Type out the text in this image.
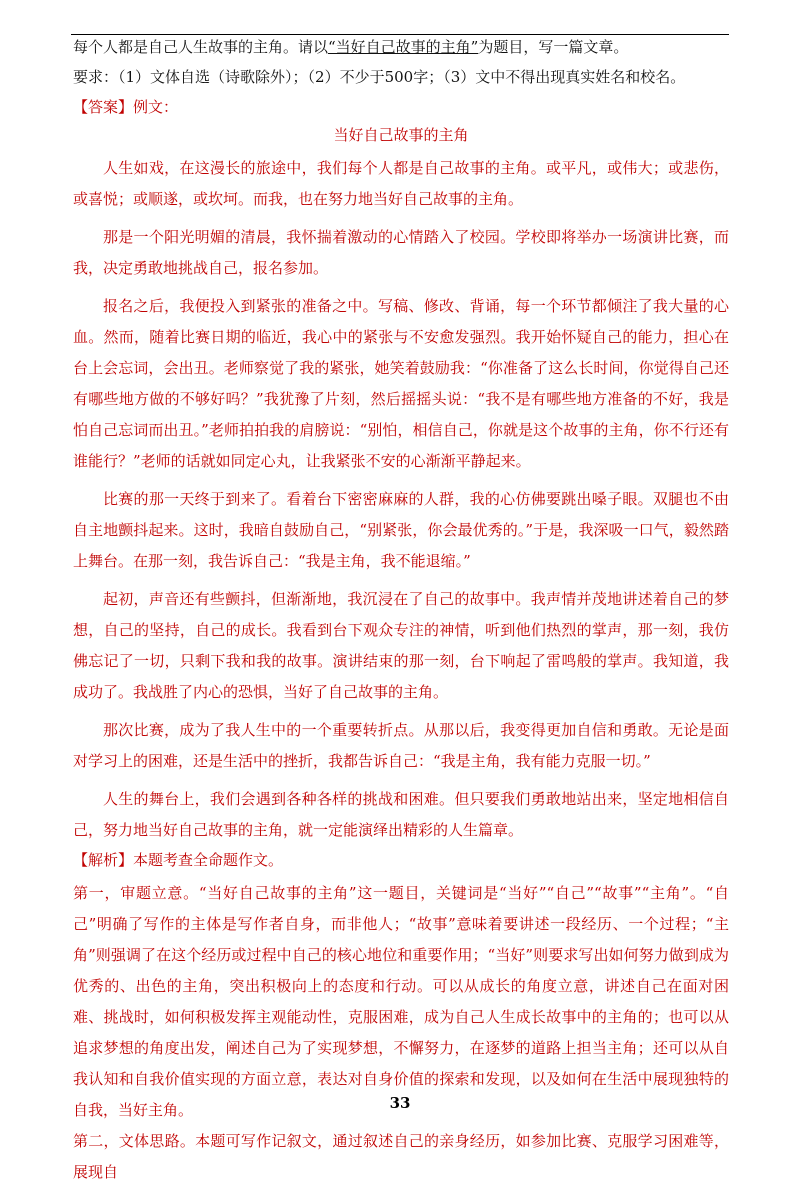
每个人都是自己人生故事的主角。请以“当好自己故事的主角”为题目，写一篇文章。
要求：（1）文体自选（诗歌除外）；（2）不少于500字；（3）文中不得出现真实姓名和校名。
【答案】例文：
当好自己故事的主角
人生如戏，在这漫长的旅途中，我们每个人都是自己故事的主角。或平凡，或伟大；或悲伤，或喜悦；或顺遂，或坎坷。而我，也在努力地当好自己故事的主角。
那是一个阳光明媚的清晨，我怀揣着激动的心情踏入了校园。学校即将举办一场演讲比赛，而我，决定勇敢地挑战自己，报名参加。
报名之后，我便投入到紧张的准备之中。写稿、修改、背诵，每一个环节都倾注了我大量的心血。然而，随着比赛日期的临近，我心中的紧张与不安愈发强烈。我开始怀疑自己的能力，担心在台上会忘词，会出丑。老师察觉了我的紧张，她笑着鼓励我：“你准备了这么长时间，你觉得自己还有哪些地方做的不够好吗？”我犹豫了片刻，然后摇摇头说：“我不是有哪些地方准备的不好，我是怕自己忘词而出丑。”老师拍拍我的肩膀说：“别怕，相信自己，你就是这个故事的主角，你不行还有谁能行？”老师的话就如同定心丸，让我紧张不安的心渐渐平静起来。
比赛的那一天终于到来了。看着台下密密麻麻的人群，我的心仿佛要跳出嗓子眼。双腿也不由自主地颤抖起来。这时，我暗自鼓励自己，“别紧张，你会最优秀的。”于是，我深吸一口气，毅然踏上舞台。在那一刻，我告诉自己：“我是主角，我不能退缩。”
起初，声音还有些颤抖，但渐渐地，我沉浸在了自己的故事中。我声情并茂地讲述着自己的梦想，自己的坚持，自己的成长。我看到台下观众专注的神情，听到他们热烈的掌声，那一刻，我仿佛忘记了一切，只剩下我和我的故事。演讲结束的那一刻，台下响起了雷鸣般的掌声。我知道，我成功了。我战胜了内心的恐惧，当好了自己故事的主角。
那次比赛，成为了我人生中的一个重要转折点。从那以后，我变得更加自信和勇敢。无论是面对学习上的困难，还是生活中的挫折，我都告诉自己：“我是主角，我有能力克服一切。”
人生的舞台上，我们会遇到各种各样的挑战和困难。但只要我们勇敢地站出来，坚定地相信自己，努力地当好自己故事的主角，就一定能演绎出精彩的人生篇章。
【解析】本题考查全命题作文。
第一，审题立意。“当好自己故事的主角”这一题目，关键词是“当好”“自己”“故事”“主角”。“自己”明确了写作的主体是写作者自身，而非他人；“故事”意味着要讲述一段经历、一个过程；“主角”则强调了在这个经历或过程中自己的核心地位和重要作用；“当好”则要求写出如何努力做到成为优秀的、出色的主角，突出积极向上的态度和行动。可以从成长的角度立意，讲述自己在面对困难、挑战时，如何积极发挥主观能动性，克服困难，成为自己人生成长故事中的主角的；也可以从追求梦想的角度出发，阐述自己为了实现梦想，不懈努力，在逐梦的道路上担当主角；还可以从自我认知和自我价值实现的方面立意，表达对自身价值的探索和发现，以及如何在生活中展现独特的自我，当好主角。
第二，文体思路。本题可写作记叙文，通过叙述自己的亲身经历，如参加比赛、克服学习困难等，展现自
33
